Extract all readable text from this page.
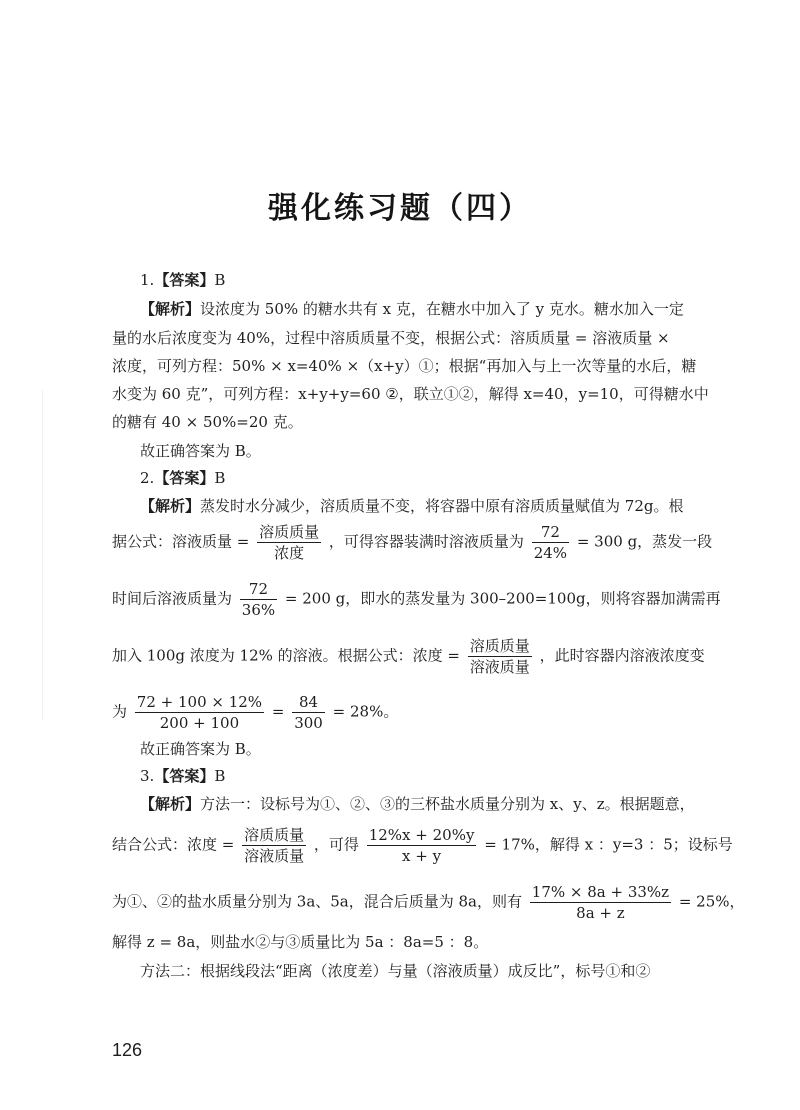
强化练习题（四）
1.【答案】B
【解析】设浓度为 50% 的糖水共有 x 克，在糖水中加入了 y 克水。糖水加入一定
量的水后浓度变为 40%，过程中溶质质量不变，根据公式：溶质质量 = 溶液质量 ×
浓度，可列方程：50% × x=40% ×（x+y）①；根据“再加入与上一次等量的水后，糖
水变为 60 克”，可列方程：x+y+y=60 ②，联立①②，解得 x=40，y=10，可得糖水中
的糖有 40 × 50%=20 克。
故正确答案为 B。
2.【答案】B
【解析】蒸发时水分减少，溶质质量不变，将容器中原有溶质质量赋值为 72g。根
据公式：溶液质量 = $\frac{\text{溶质质量}}{\text{浓度}}$ ，可得容器装满时溶液质量为 $\frac{72}{24\%} = 300$ g，蒸发一段
时间后溶液质量为 $\frac{72}{36\%} = 200$ g，即水的蒸发量为 300–200=100g，则将容器加满需再
加入 100g 浓度为 12% 的溶液。根据公式：浓度 = $\frac{\text{溶质质量}}{\text{溶液质量}}$ ，此时容器内溶液浓度变
为 $\frac{72 + 100 \times 12\%}{200 + 100} = \frac{84}{300} = 28\%$。
故正确答案为 B。
3.【答案】B
【解析】方法一：设标号为①、②、③的三杯盐水质量分别为 x、y、z。根据题意，
结合公式：浓度 = $\frac{\text{溶质质量}}{\text{溶液质量}}$ ，可得 $\frac{12\%x + 20\%y}{x + y} = 17\%$，解得 x ：y=3 ：5；设标号
为①、②的盐水质量分别为 3a、5a，混合后质量为 8a，则有 $\frac{17\% \times 8a + 33\%z}{8a + z} = 25\%$，
解得 z = 8a，则盐水②与③质量比为 5a ：8a=5 ：8。
方法二：根据线段法“距离（浓度差）与量（溶液质量）成反比”，标号①和②
126
